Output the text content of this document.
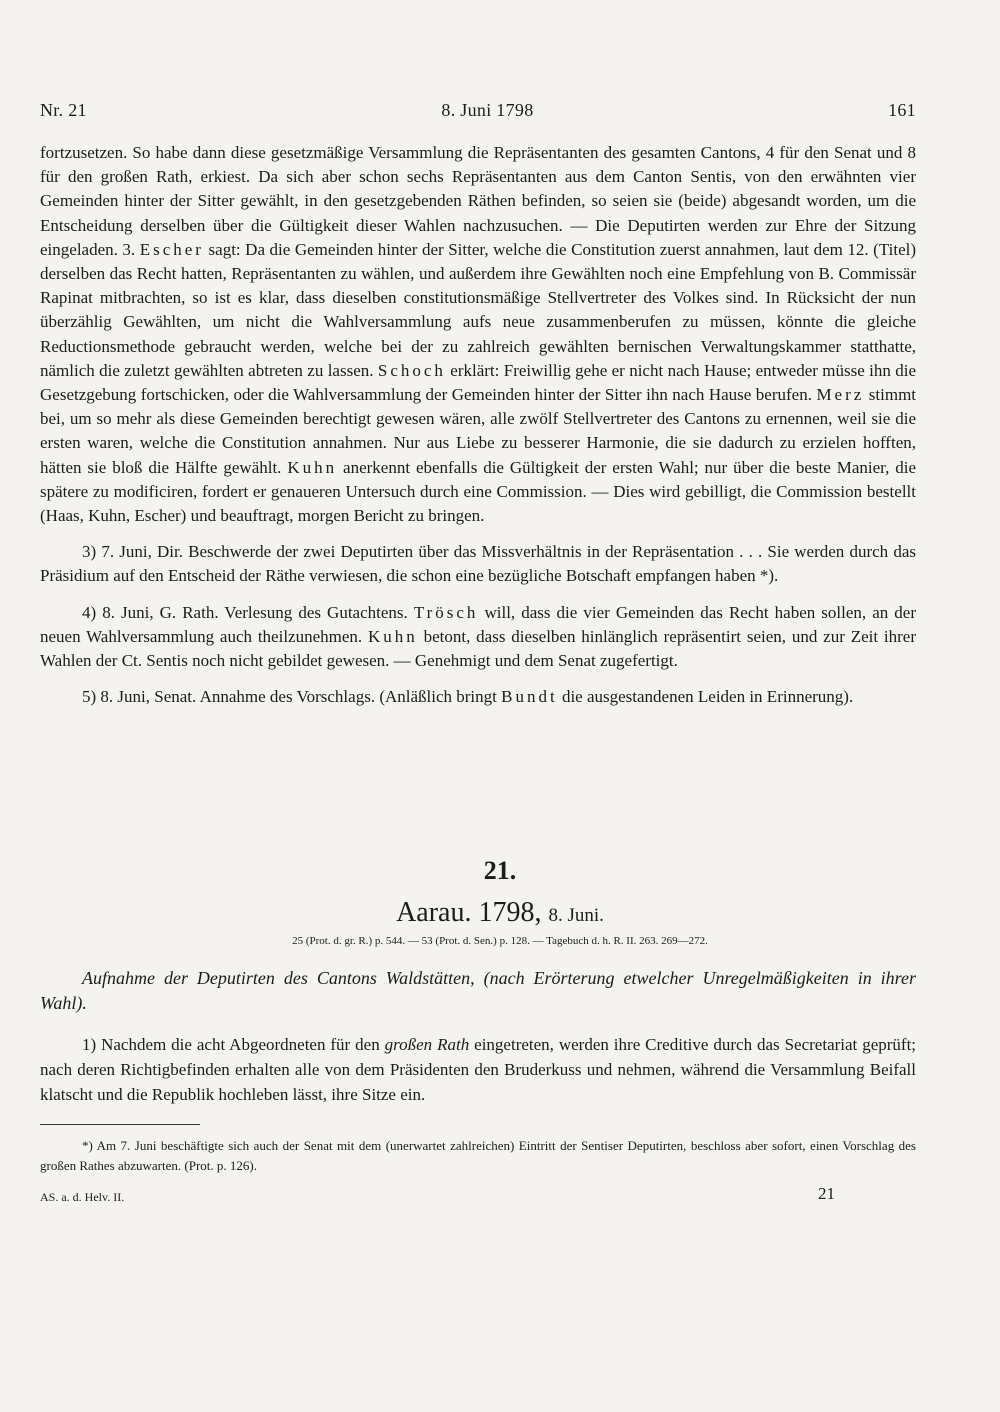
Nr. 21	8. Juni 1798	161

fortzusetzen. So habe dann diese gesetzmäßige Versammlung die Repräsentanten des gesamten Cantons, 4 für den Senat und 8 für den großen Rath, erkiest. Da sich aber schon sechs Repräsentanten aus dem Canton Sentis, von den erwähnten vier Gemeinden hinter der Sitter gewählt, in den gesetzgebenden Räthen befinden, so seien sie (beide) abgesandt worden, um die Entscheidung derselben über die Gültigkeit dieser Wahlen nachzusuchen. — Die Deputirten werden zur Ehre der Sitzung eingeladen. 3. Escher sagt: Da die Gemeinden hinter der Sitter, welche die Constitution zuerst annahmen, laut dem 12. (Titel) derselben das Recht hatten, Repräsentanten zu wählen, und außerdem ihre Gewählten noch eine Empfehlung von B. Commissär Rapinat mitbrachten, so ist es klar, dass dieselben constitutionsmäßige Stellvertreter des Volkes sind. In Rücksicht der nun überzählig Gewählten, um nicht die Wahlversammlung aufs neue zusammenberufen zu müssen, könnte die gleiche Reductionsmethode gebraucht werden, welche bei der zu zahlreich gewählten bernischen Verwaltungskammer statthatte, nämlich die zuletzt gewählten abtreten zu lassen. Schoch erklärt: Freiwillig gehe er nicht nach Hause; entweder müsse ihn die Gesetzgebung fortschicken, oder die Wahlversammlung der Gemeinden hinter der Sitter ihn nach Hause berufen. Merz stimmt bei, um so mehr als diese Gemeinden berechtigt gewesen wären, alle zwölf Stellvertreter des Cantons zu ernennen, weil sie die ersten waren, welche die Constitution annahmen. Nur aus Liebe zu besserer Harmonie, die sie dadurch zu erzielen hofften, hätten sie bloß die Hälfte gewählt. Kuhn anerkennt ebenfalls die Gültigkeit der ersten Wahl; nur über die beste Manier, die spätere zu modificiren, fordert er genaueren Untersuch durch eine Commission. — Dies wird gebilligt, die Commission bestellt (Haas, Kuhn, Escher) und beauftragt, morgen Bericht zu bringen.

3) 7. Juni, Dir. Beschwerde der zwei Deputirten über das Missverhältnis in der Repräsentation . . . Sie werden durch das Präsidium auf den Entscheid der Räthe verwiesen, die schon eine bezügliche Botschaft empfangen haben *).

4) 8. Juni, G. Rath. Verlesung des Gutachtens. Trösch will, dass die vier Gemeinden das Recht haben sollen, an der neuen Wahlversammlung auch theilzunehmen. Kuhn betont, dass dieselben hinlänglich repräsentirt seien, und zur Zeit ihrer Wahlen der Ct. Sentis noch nicht gebildet gewesen. — Genehmigt und dem Senat zugefertigt.

5) 8. Juni, Senat. Annahme des Vorschlags. (Anläßlich bringt Bundt die ausgestandenen Leiden in Erinnerung).

21.
Aarau. 1798, 8. Juni.
25 (Prot. d. gr. R.) p. 544. — 53 (Prot. d. Sen.) p. 128. — Tagebuch d. h. R. II. 263. 269—272.
Aufnahme der Deputirten des Cantons Waldstätten, (nach Erörterung etwelcher Unregelmäßigkeiten in ihrer Wahl).
1) Nachdem die acht Abgeordneten für den großen Rath eingetreten, werden ihre Creditive durch das Secretariat geprüft; nach deren Richtigbefinden erhalten alle von dem Präsidenten den Bruderkuss und nehmen, während die Versammlung Beifall klatscht und die Republik hochleben lässt, ihre Sitze ein.
*) Am 7. Juni beschäftigte sich auch der Senat mit dem (unerwartet zahlreichen) Eintritt der Sentiser Deputirten, beschloss aber sofort, einen Vorschlag des großen Rathes abzuwarten. (Prot. p. 126).
AS. a. d. Helv. II.	21
